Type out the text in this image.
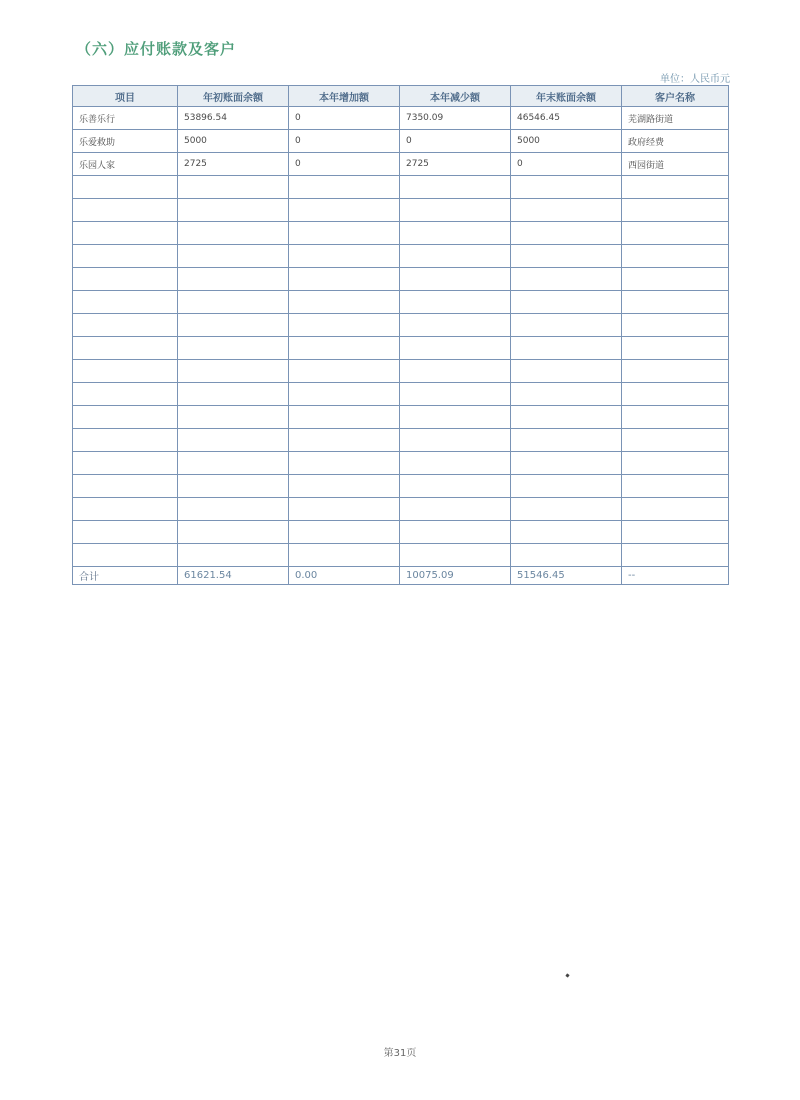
（六）应付账款及客户
单位：人民币元
项目	年初账面余额	本年增加额	本年减少额	年末账面余额	客户名称
乐善乐行	53896.54	0	7350.09	46546.45	芜湖路街道
乐爱救助	5000	0	0	5000	政府经费
乐园人家	2725	0	2725	0	西园街道

合计	61621.54	0.00	10075.09	51546.45	--
第31页
